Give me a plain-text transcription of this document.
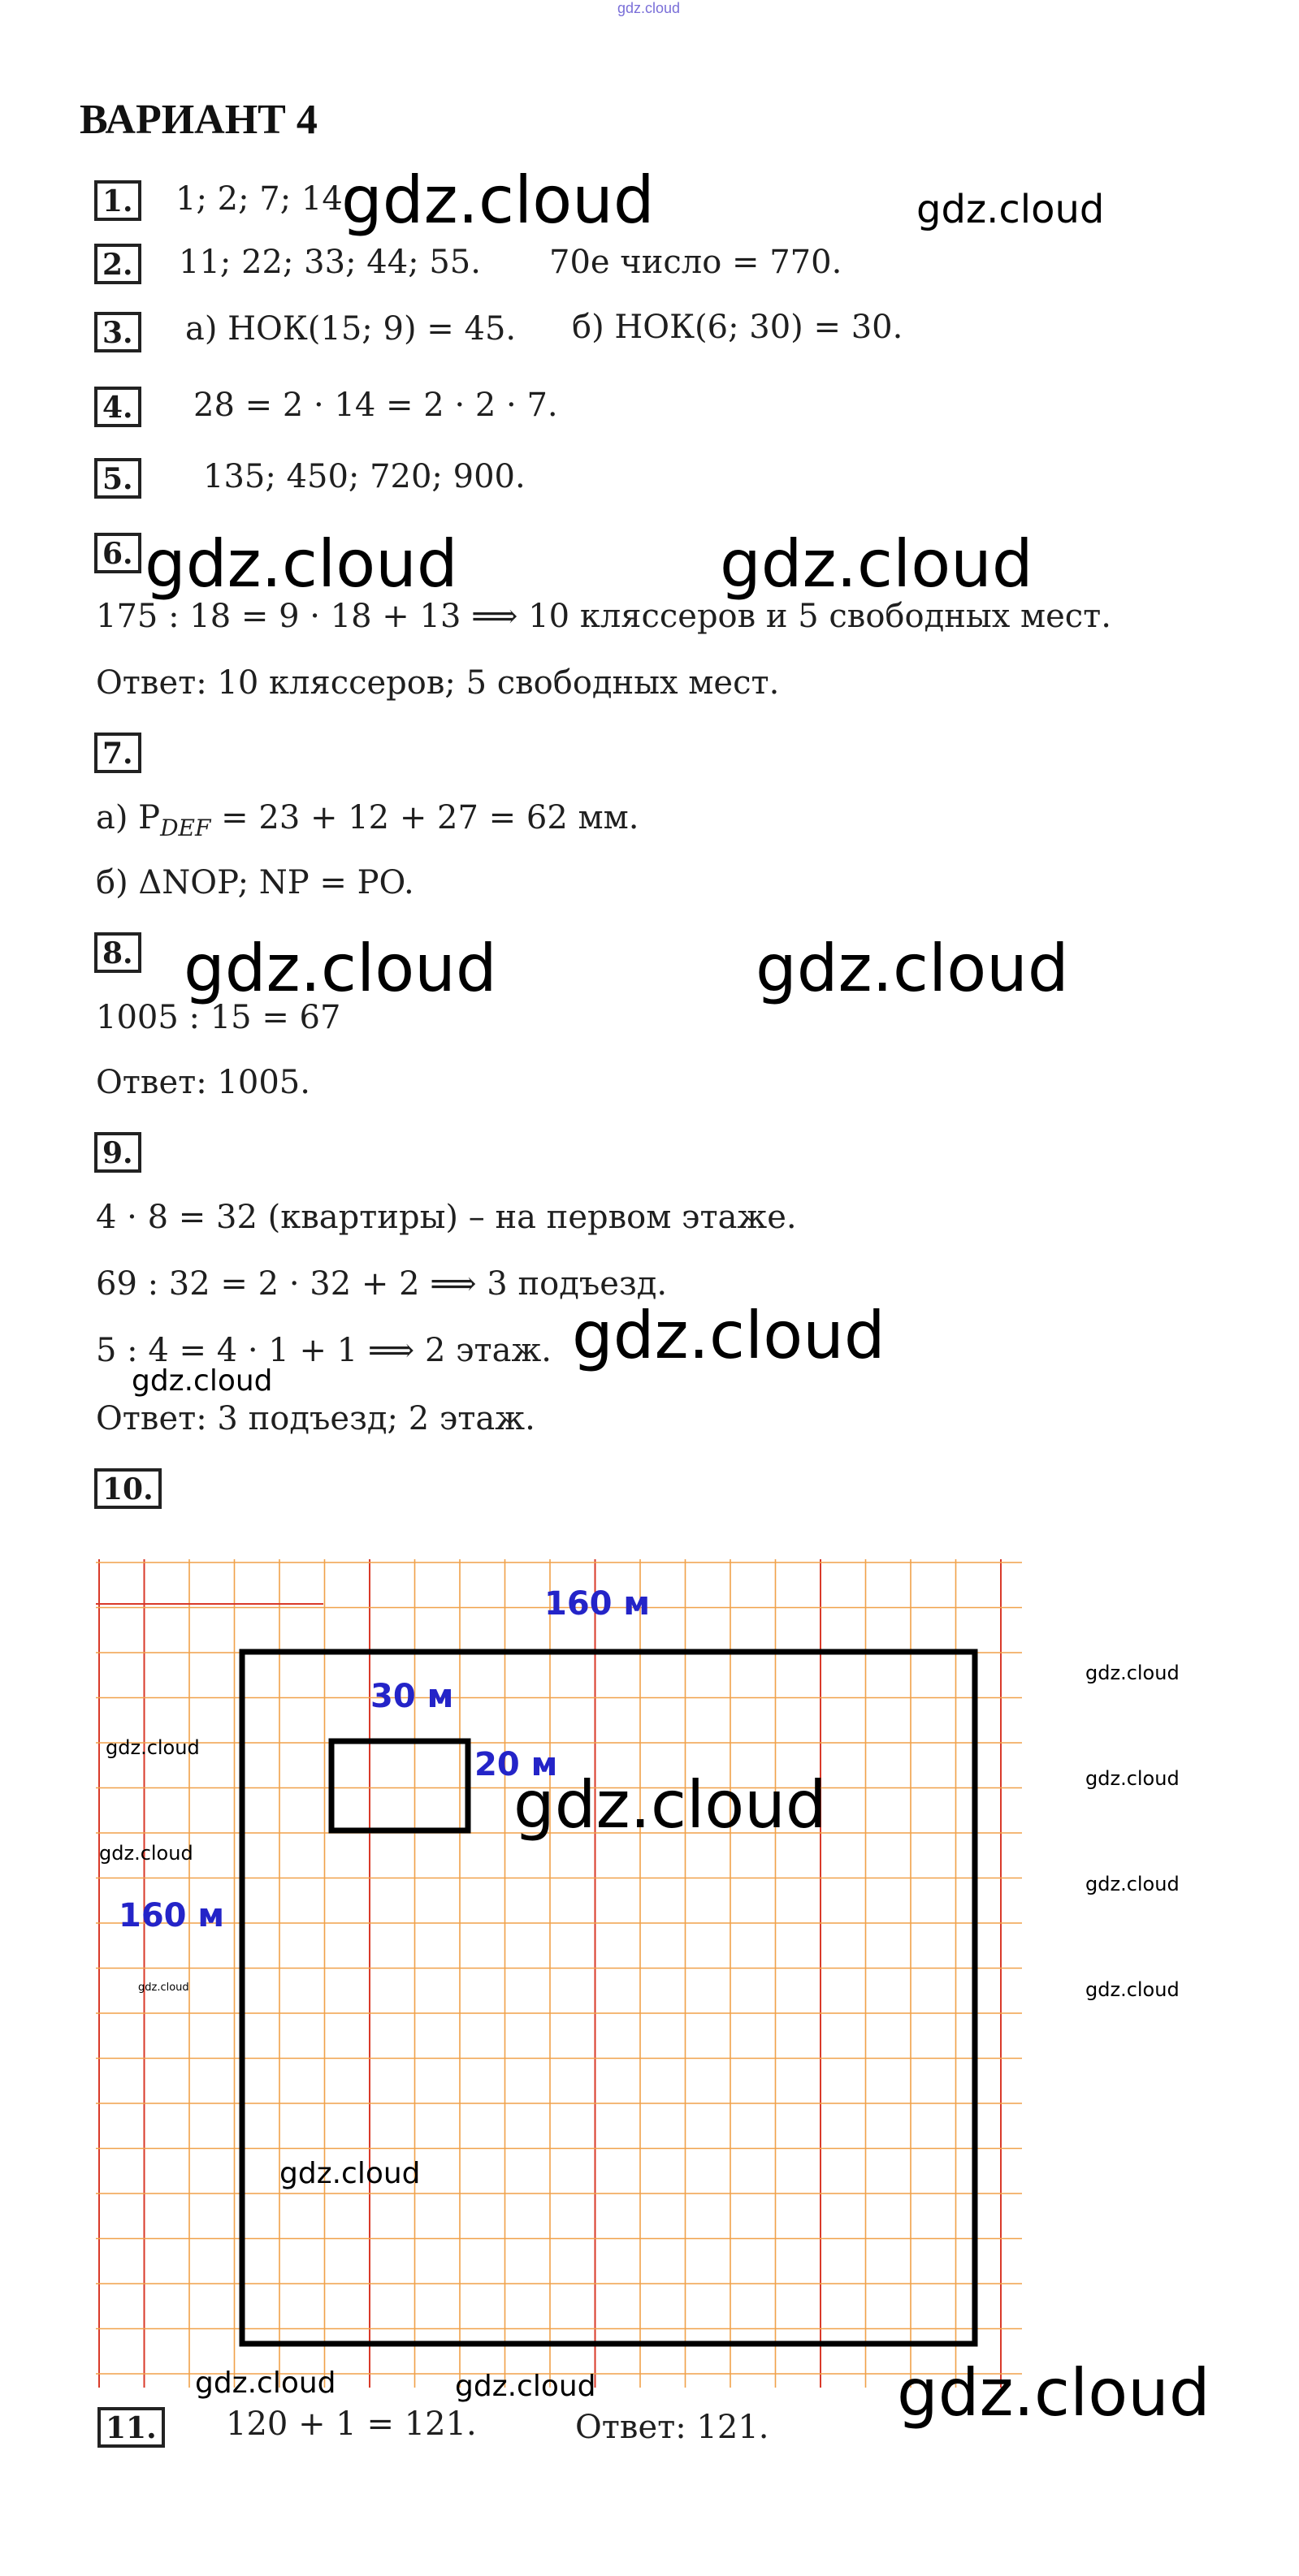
gdz.cloud
ВАРИАНТ 4
1. 1; 2; 7; 14
gdz.cloud	gdz.cloud
2. 11; 22; 33; 44; 55. 70е число = 770.
3. а) НОК(15; 9) = 45. б) НОК(6; 30) = 30.
4. 28 = 2 · 14 = 2 · 2 · 7.
5. 135; 450; 720; 900.
6. gdz.cloud	gdz.cloud
175 : 18 = 9 · 18 + 13 ⟹ 10 кляссеров и 5 свободных мест.
Ответ: 10 кляссеров; 5 свободных мест.
7.
а) $P_{DEF} = 23 + 12 + 27 = 62$ мм.
б) ΔNOP; NP = PO.
8. gdz.cloud	gdz.cloud
1005 : 15 = 67
Ответ: 1005.
9.
4 · 8 = 32 (квартиры) – на первом этаже.
69 : 32 = 2 · 32 + 2 ⟹ 3 подъезд.
5 : 4 = 4 · 1 + 1 ⟹ 2 этаж. gdz.cloud
gdz.cloud
Ответ: 3 подъезд; 2 этаж.
10.
160 м
160 м
30 м
20 м
gdz.cloud
gdz.cloud
gdz.cloud
gdz.cloud
gdz.cloud
gdz.cloud
gdz.cloud
gdz.cloud
gdz.cloud
gdz.cloud	gdz.cloud	gdz.cloud
11. 120 + 1 = 121.	Ответ: 121.
